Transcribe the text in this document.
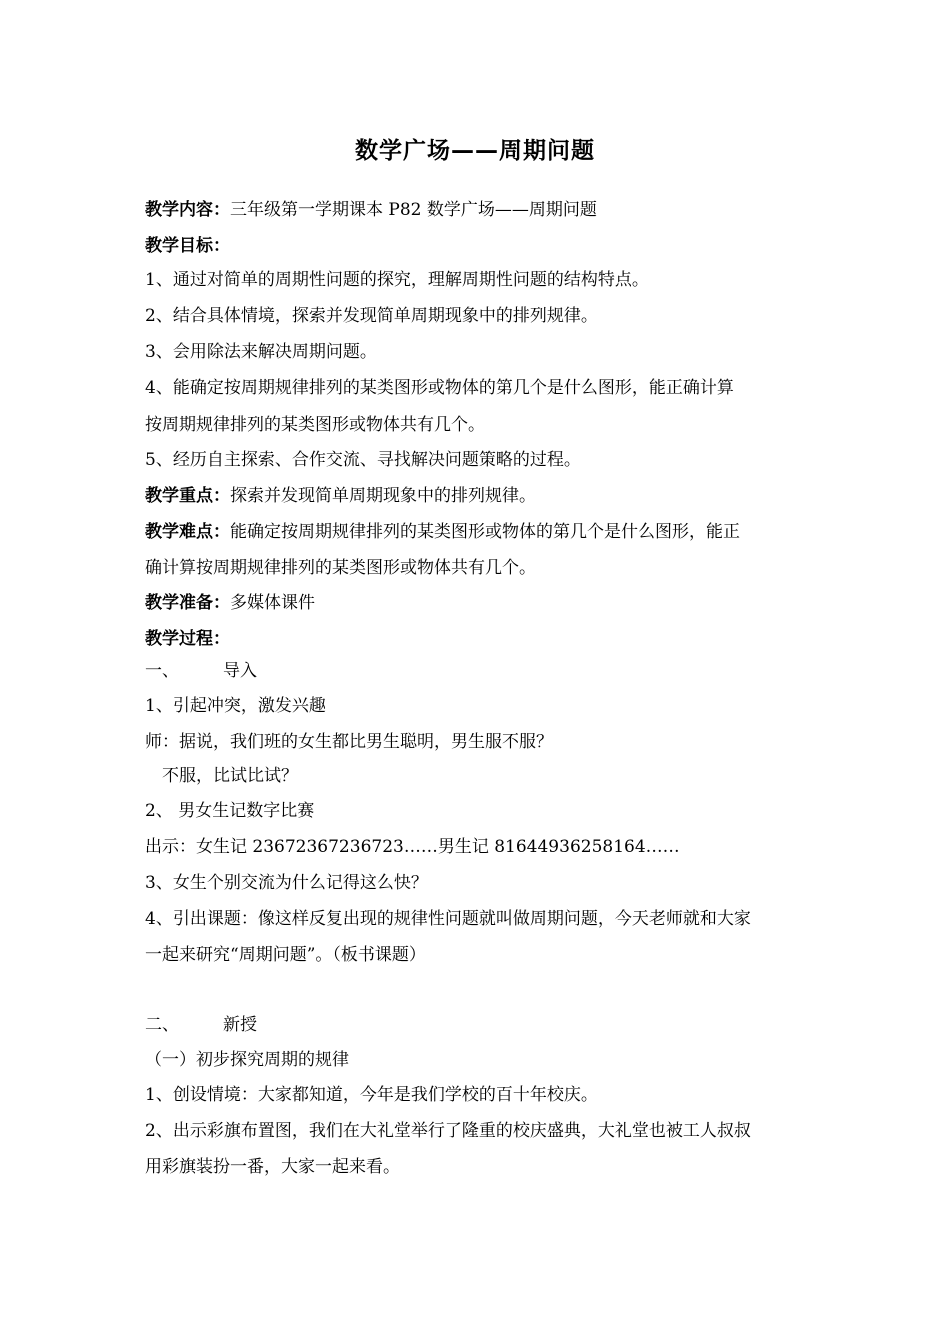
数学广场——周期问题
教学内容：三年级第一学期课本 P82 数学广场——周期问题
教学目标：
1、通过对简单的周期性问题的探究，理解周期性问题的结构特点。
2、结合具体情境，探索并发现简单周期现象中的排列规律。
3、会用除法来解决周期问题。
4、能确定按周期规律排列的某类图形或物体的第几个是什么图形，能正确计算
按周期规律排列的某类图形或物体共有几个。
5、经历自主探索、合作交流、寻找解决问题策略的过程。
教学重点：探索并发现简单周期现象中的排列规律。
教学难点：能确定按周期规律排列的某类图形或物体的第几个是什么图形，能正
确计算按周期规律排列的某类图形或物体共有几个。
教学准备：多媒体课件
教学过程：
一、	导入
1、引起冲突，激发兴趣
师：据说，我们班的女生都比男生聪明，男生服不服？
　不服，比试比试？
2、 男女生记数字比赛
出示：女生记 23672367236723……男生记 81644936258164……
3、女生个别交流为什么记得这么快？
4、引出课题：像这样反复出现的规律性问题就叫做周期问题，今天老师就和大家
一起来研究“周期问题”。（板书课题）
二、	新授
（一）初步探究周期的规律
1、创设情境：大家都知道，今年是我们学校的百十年校庆。
2、出示彩旗布置图，我们在大礼堂举行了隆重的校庆盛典，大礼堂也被工人叔叔
用彩旗装扮一番，大家一起来看。
